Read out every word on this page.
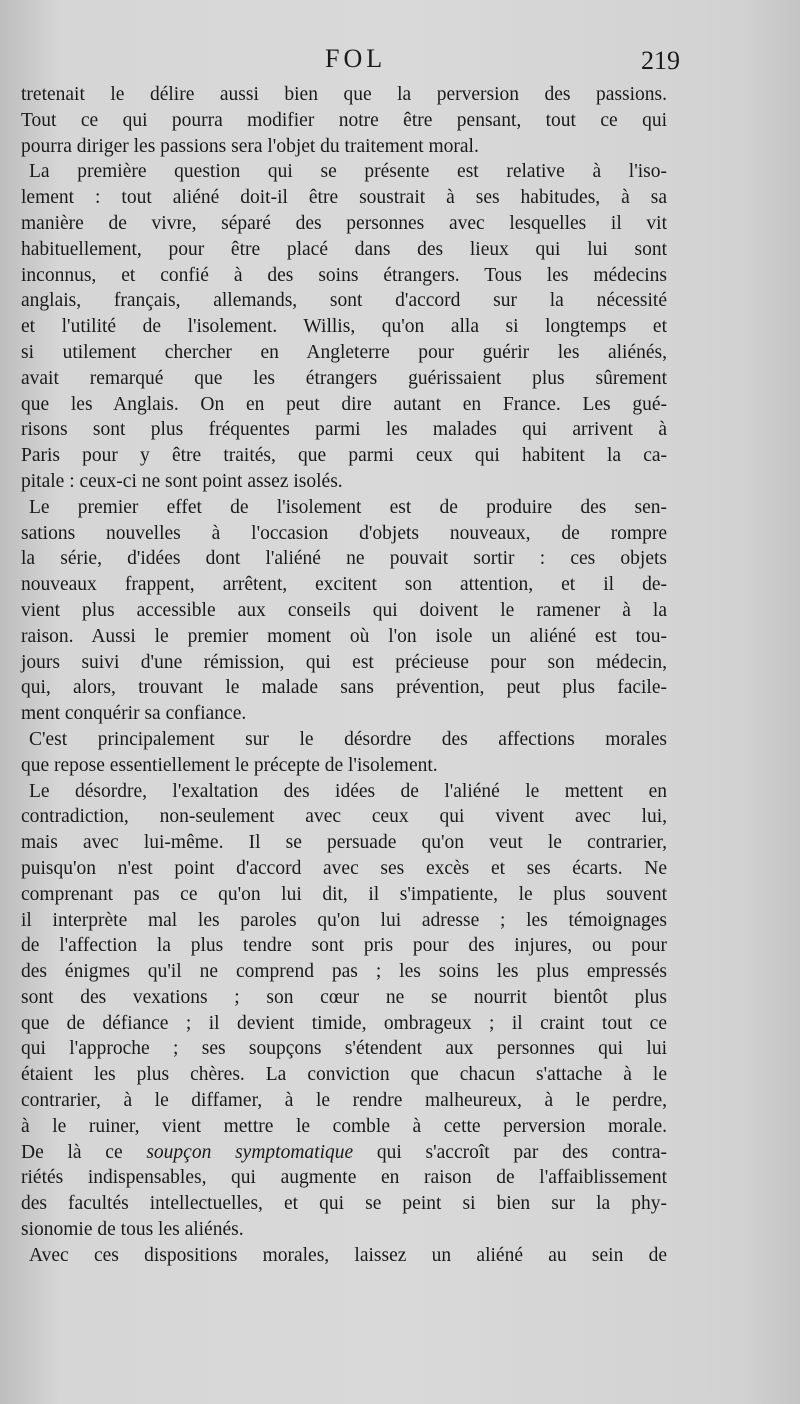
FOL	219

tretenait le délire aussi bien que la perversion des passions.
Tout ce qui pourra modifier notre être pensant, tout ce qui
pourra diriger les passions sera l'objet du traitement moral.

La première question qui se présente est relative à l'iso-
lement : tout aliéné doit-il être soustrait à ses habitudes, à sa
manière de vivre, séparé des personnes avec lesquelles il vit
habituellement, pour être placé dans des lieux qui lui sont
inconnus, et confié à des soins étrangers. Tous les médecins
anglais, français, allemands, sont d'accord sur la nécessité
et l'utilité de l'isolement. Willis, qu'on alla si longtemps et
si utilement chercher en Angleterre pour guérir les aliénés,
avait remarqué que les étrangers guérissaient plus sûrement
que les Anglais. On en peut dire autant en France. Les gué-
risons sont plus fréquentes parmi les malades qui arrivent à
Paris pour y être traités, que parmi ceux qui habitent la ca-
pitale : ceux-ci ne sont point assez isolés.

Le premier effet de l'isolement est de produire des sen-
sations nouvelles à l'occasion d'objets nouveaux, de rompre
la série, d'idées dont l'aliéné ne pouvait sortir : ces objets
nouveaux frappent, arrêtent, excitent son attention, et il de-
vient plus accessible aux conseils qui doivent le ramener à la
raison. Aussi le premier moment où l'on isole un aliéné est tou-
jours suivi d'une rémission, qui est précieuse pour son médecin,
qui, alors, trouvant le malade sans prévention, peut plus facile-
ment conquérir sa confiance.

C'est principalement sur le désordre des affections morales
que repose essentiellement le précepte de l'isolement.

Le désordre, l'exaltation des idées de l'aliéné le mettent en
contradiction, non-seulement avec ceux qui vivent avec lui,
mais avec lui-même. Il se persuade qu'on veut le contrarier,
puisqu'on n'est point d'accord avec ses excès et ses écarts. Ne
comprenant pas ce qu'on lui dit, il s'impatiente, le plus souvent
il interprète mal les paroles qu'on lui adresse ; les témoignages
de l'affection la plus tendre sont pris pour des injures, ou pour
des énigmes qu'il ne comprend pas ; les soins les plus empressés
sont des vexations ; son cœur ne se nourrit bientôt plus
que de défiance ; il devient timide, ombrageux ; il craint tout ce
qui l'approche ; ses soupçons s'étendent aux personnes qui lui
étaient les plus chères. La conviction que chacun s'attache à le
contrarier, à le diffamer, à le rendre malheureux, à le perdre,
à le ruiner, vient mettre le comble à cette perversion morale.
De là ce soupçon symptomatique qui s'accroît par des contra-
riétés indispensables, qui augmente en raison de l'affaiblissement
des facultés intellectuelles, et qui se peint si bien sur la phy-
sionomie de tous les aliénés.

Avec ces dispositions morales, laissez un aliéné au sein de
